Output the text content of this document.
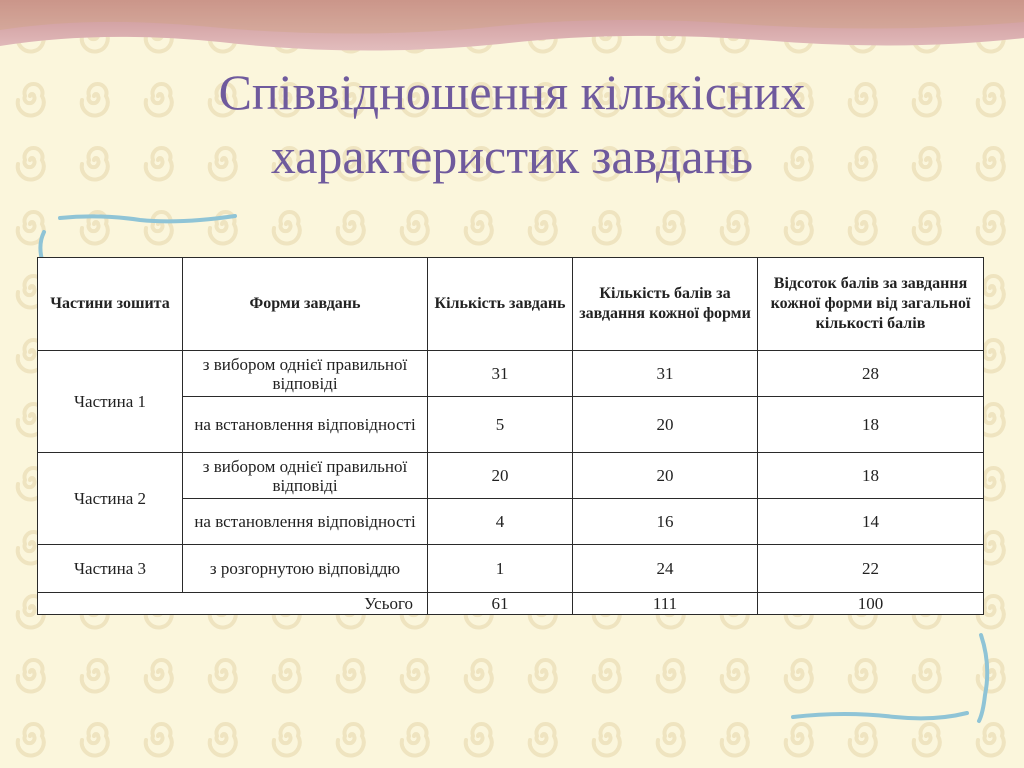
Співвідношення кількісних
характеристик завдань
Частини зошита	Форми завдань	Кількість завдань	Кількість балів за завдання кожної форми	Відсоток балів за завдання кожної форми від загальної кількості балів
Частина 1	з вибором однієї правильної відповіді	31	31	28
	на встановлення відповідності	5	20	18
Частина 2	з вибором однієї правильної відповіді	20	20	18
	на встановлення відповідності	4	16	14
Частина 3	з розгорнутою відповіддю	1	24	22
Усього		61	111	100
